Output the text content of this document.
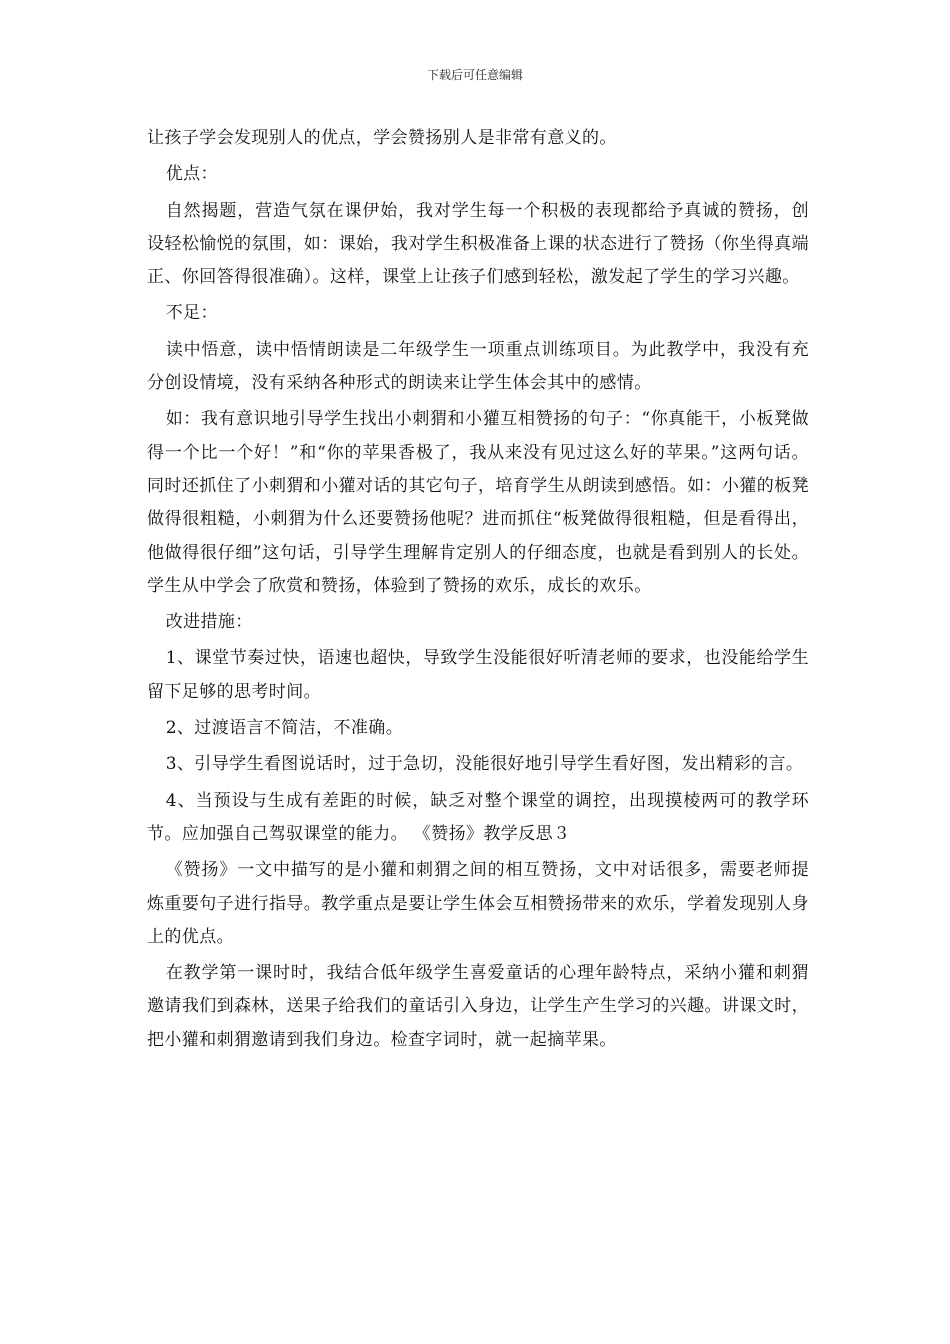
下载后可任意编辑

让孩子学会发现别人的优点，学会赞扬别人是非常有意义的。

优点：

自然揭题，营造气氛在课伊始，我对学生每一个积极的表现都给予真诚的赞扬，创设轻松愉悦的氛围，如：课始，我对学生积极准备上课的状态进行了赞扬（你坐得真端正、你回答得很准确）。这样，课堂上让孩子们感到轻松，激发起了学生的学习兴趣。

不足：

读中悟意，读中悟情朗读是二年级学生一项重点训练项目。为此教学中，我没有充分创设情境，没有采纳各种形式的朗读来让学生体会其中的感情。

如：我有意识地引导学生找出小刺猬和小獾互相赞扬的句子：“你真能干，小板凳做得一个比一个好！”和“你的苹果香极了，我从来没有见过这么好的苹果。”这两句话。同时还抓住了小刺猬和小獾对话的其它句子，培育学生从朗读到感悟。如：小獾的板凳做得很粗糙，小刺猬为什么还要赞扬他呢？进而抓住“板凳做得很粗糙，但是看得出，他做得很仔细”这句话，引导学生理解肯定别人的仔细态度，也就是看到别人的长处。学生从中学会了欣赏和赞扬，体验到了赞扬的欢乐，成长的欢乐。

改进措施：

1、课堂节奏过快，语速也超快，导致学生没能很好听清老师的要求，也没能给学生留下足够的思考时间。

2、过渡语言不简洁，不准确。

3、引导学生看图说话时，过于急切，没能很好地引导学生看好图，发出精彩的言。

4、当预设与生成有差距的时候，缺乏对整个课堂的调控，出现摸棱两可的教学环节。应加强自己驾驭课堂的能力。 《赞扬》教学反思３

《赞扬》一文中描写的是小獾和刺猬之间的相互赞扬，文中对话很多，需要老师提炼重要句子进行指导。教学重点是要让学生体会互相赞扬带来的欢乐，学着发现别人身上的优点。

在教学第一课时时，我结合低年级学生喜爱童话的心理年龄特点，采纳小獾和刺猬邀请我们到森林，送果子给我们的童话引入身边，让学生产生学习的兴趣。讲课文时，把小獾和刺猬邀请到我们身边。检查字词时，就一起摘苹果。
